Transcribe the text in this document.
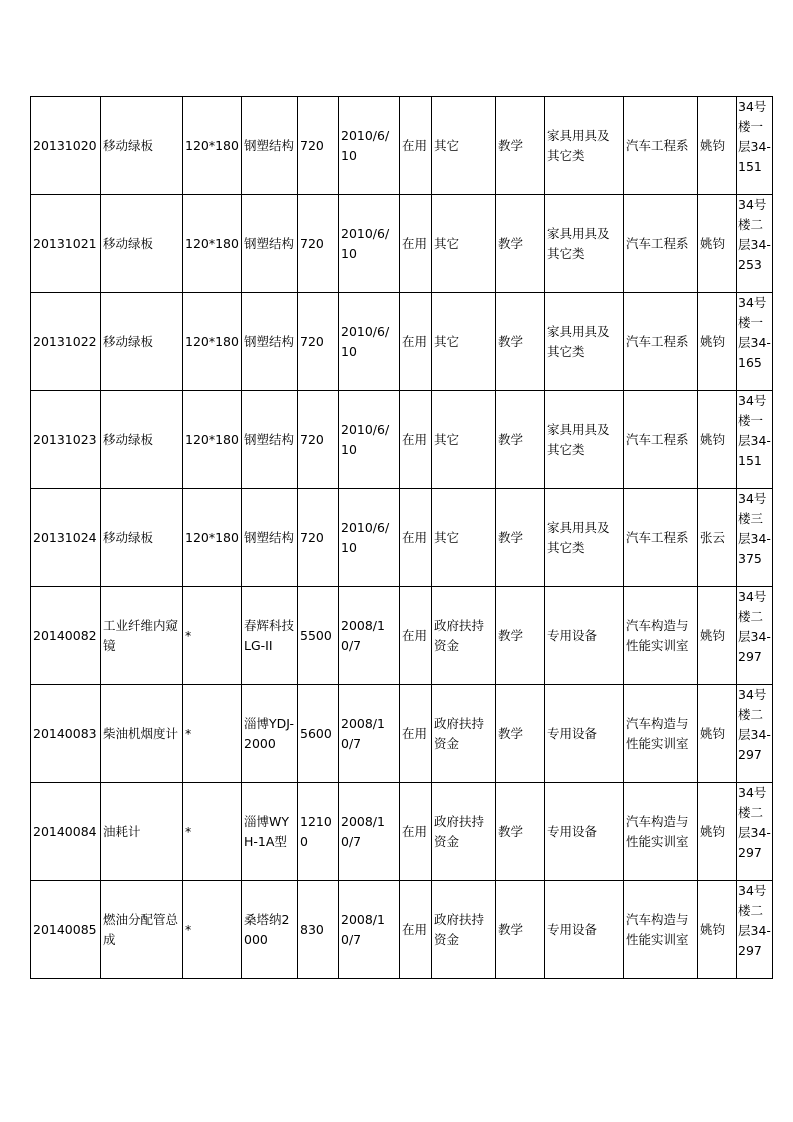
20131020	移动绿板	120*180	钢塑结构	720	2010/6/10	在用	其它	教学	家具用具及其它类	汽车工程系	姚钧	34号楼一层34-151
20131021	移动绿板	120*180	钢塑结构	720	2010/6/10	在用	其它	教学	家具用具及其它类	汽车工程系	姚钧	34号楼二层34-253
20131022	移动绿板	120*180	钢塑结构	720	2010/6/10	在用	其它	教学	家具用具及其它类	汽车工程系	姚钧	34号楼一层34-165
20131023	移动绿板	120*180	钢塑结构	720	2010/6/10	在用	其它	教学	家具用具及其它类	汽车工程系	姚钧	34号楼一层34-151
20131024	移动绿板	120*180	钢塑结构	720	2010/6/10	在用	其它	教学	家具用具及其它类	汽车工程系	张云	34号楼三层34-375
20140082	工业纤维内窥镜	*	春辉科技LG-II	5500	2008/10/7	在用	政府扶持资金	教学	专用设备	汽车构造与性能实训室	姚钧	34号楼二层34-297
20140083	柴油机烟度计	*	淄博YDJ-2000	5600	2008/10/7	在用	政府扶持资金	教学	专用设备	汽车构造与性能实训室	姚钧	34号楼二层34-297
20140084	油耗计	*	淄博WYH-1A型	12100	2008/10/7	在用	政府扶持资金	教学	专用设备	汽车构造与性能实训室	姚钧	34号楼二层34-297
20140085	燃油分配管总成	*	桑塔纳2000	830	2008/10/7	在用	政府扶持资金	教学	专用设备	汽车构造与性能实训室	姚钧	34号楼二层34-297
